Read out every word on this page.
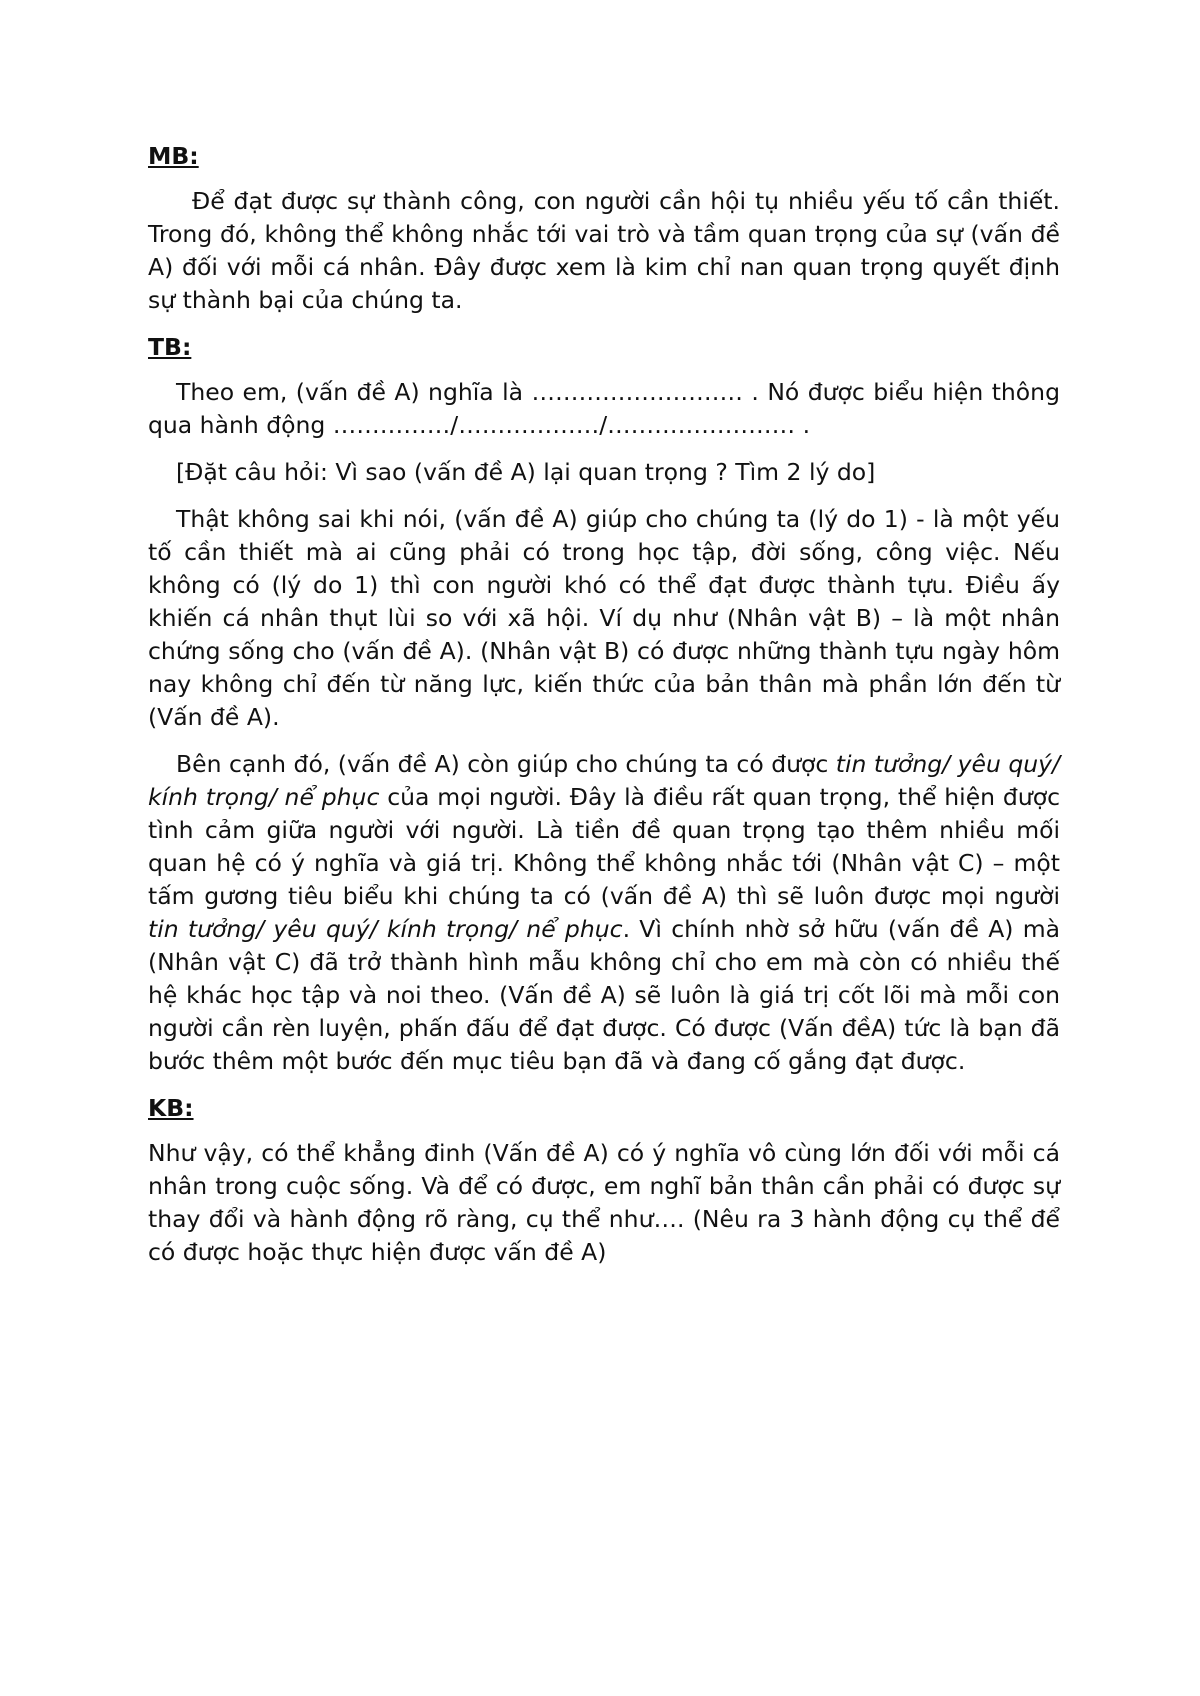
MB:

Để đạt được sự thành công, con người cần hội tụ nhiều yếu tố cần thiết. Trong đó, không thể không nhắc tới vai trò và tầm quan trọng của sự (vấn đề A) đối với mỗi cá nhân. Đây được xem là kim chỉ nan quan trọng quyết định sự thành bại của chúng ta.

TB:

Theo em, (vấn đề A) nghĩa là ……………………… . Nó được biểu hiện thông qua hành động ……………/………………/…………………… .

[Đặt câu hỏi: Vì sao (vấn đề A) lại quan trọng ? Tìm 2 lý do]

Thật không sai khi nói, (vấn đề A) giúp cho chúng ta (lý do 1) - là một yếu tố cần thiết mà ai cũng phải có trong học tập, đời sống, công việc. Nếu không có (lý do 1) thì con người khó có thể đạt được thành tựu. Điều ấy khiến cá nhân thụt lùi so với xã hội. Ví dụ như (Nhân vật B) – là một nhân chứng sống cho (vấn đề A). (Nhân vật B) có được những thành tựu ngày hôm nay không chỉ đến từ năng lực, kiến thức của bản thân mà phần lớn đến từ (Vấn đề A).

Bên cạnh đó, (vấn đề A) còn giúp cho chúng ta có được tin tưởng/ yêu quý/ kính trọng/ nể phục của mọi người. Đây là điều rất quan trọng, thể hiện được tình cảm giữa người với người. Là tiền đề quan trọng tạo thêm nhiều mối quan hệ có ý nghĩa và giá trị. Không thể không nhắc tới (Nhân vật C) – một tấm gương tiêu biểu khi chúng ta có (vấn đề A) thì sẽ luôn được mọi người tin tưởng/ yêu quý/ kính trọng/ nể phục. Vì chính nhờ sở hữu (vấn đề A) mà (Nhân vật C) đã trở thành hình mẫu không chỉ cho em mà còn có nhiều thế hệ khác học tập và noi theo. (Vấn đề A) sẽ luôn là giá trị cốt lõi mà mỗi con người cần rèn luyện, phấn đấu để đạt được. Có được (Vấn đềA) tức là bạn đã bước thêm một bước đến mục tiêu bạn đã và đang cố gắng đạt được.

KB:

Như vậy, có thể khẳng đinh (Vấn đề A) có ý nghĩa vô cùng lớn đối với mỗi cá nhân trong cuộc sống. Và để có được, em nghĩ bản thân cần phải có được sự thay đổi và hành động rõ ràng, cụ thể như…. (Nêu ra 3 hành động cụ thể để có được hoặc thực hiện được vấn đề A)
